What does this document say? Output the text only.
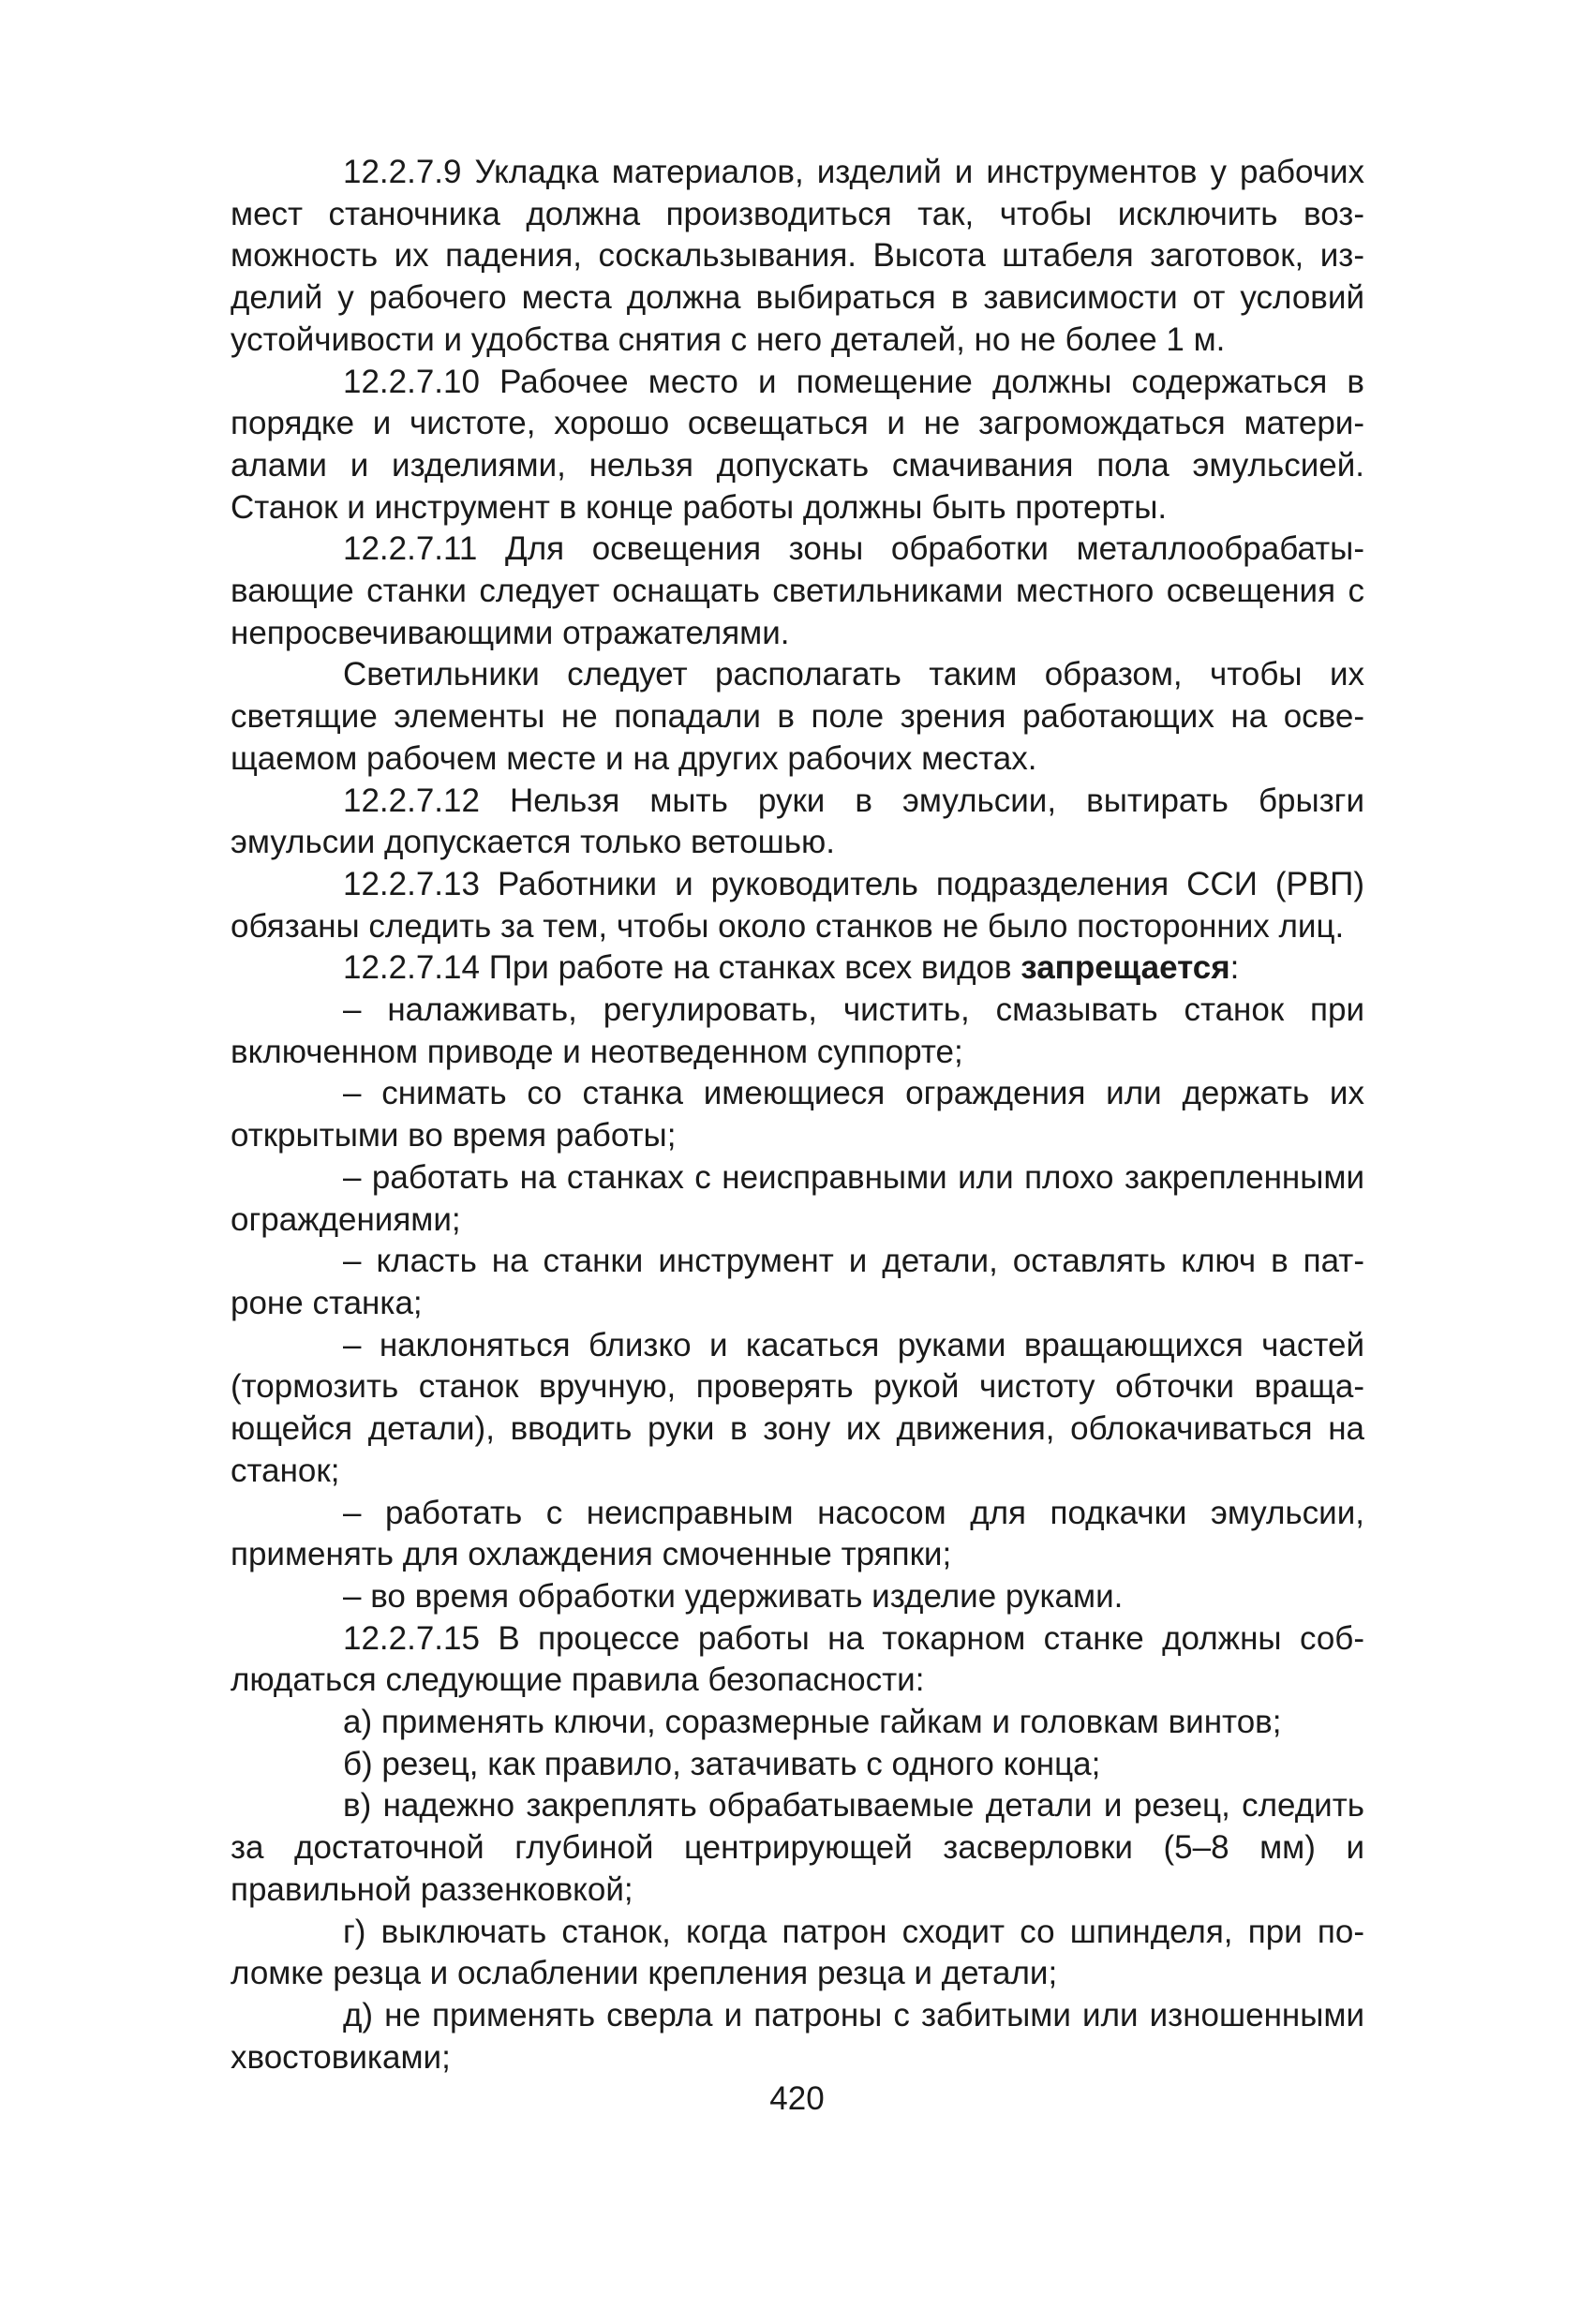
12.2.7.9 Укладка материалов, изделий и инструментов у рабочих мест станочника должна производиться так, чтобы исключить возможность их падения, соскальзывания. Высота штабеля заготовок, изделий у рабочего места должна выбираться в зависимости от условий устойчивости и удобства снятия с него деталей, но не более 1 м.

12.2.7.10 Рабочее место и помещение должны содержаться в порядке и чистоте, хорошо освещаться и не загромождаться материалами и изделиями, нельзя допускать смачивания пола эмульсией. Станок и инструмент в конце работы должны быть протерты.

12.2.7.11 Для освещения зоны обработки металлообрабатывающие станки следует оснащать светильниками местного освещения с непросвечивающими отражателями.

Светильники следует располагать таким образом, чтобы их светящие элементы не попадали в поле зрения работающих на освещаемом рабочем месте и на других рабочих местах.

12.2.7.12 Нельзя мыть руки в эмульсии, вытирать брызги эмульсии допускается только ветошью.

12.2.7.13 Работники и руководитель подразделения ССИ (РВП) обязаны следить за тем, чтобы около станков не было посторонних лиц.

12.2.7.14 При работе на станках всех видов запрещается:

– налаживать, регулировать, чистить, смазывать станок при включенном приводе и неотведенном суппорте;

– снимать со станка имеющиеся ограждения или держать их открытыми во время работы;

– работать на станках с неисправными или плохо закрепленными ограждениями;

– класть на станки инструмент и детали, оставлять ключ в патроне станка;

– наклоняться близко и касаться руками вращающихся частей (тормозить станок вручную, проверять рукой чистоту обточки вращающейся детали), вводить руки в зону их движения, облокачиваться на станок;

– работать с неисправным насосом для подкачки эмульсии, применять для охлаждения смоченные тряпки;

– во время обработки удерживать изделие руками.

12.2.7.15 В процессе работы на токарном станке должны соблюдаться следующие правила безопасности:

а) применять ключи, соразмерные гайкам и головкам винтов;

б) резец, как правило, затачивать с одного конца;

в) надежно закреплять обрабатываемые детали и резец, следить за достаточной глубиной центрирующей засверловки (5–8 мм) и правильной раззенковкой;

г) выключать станок, когда патрон сходит со шпинделя, при поломке резца и ослаблении крепления резца и детали;

д) не применять сверла и патроны с забитыми или изношенными хвостовиками;

420
